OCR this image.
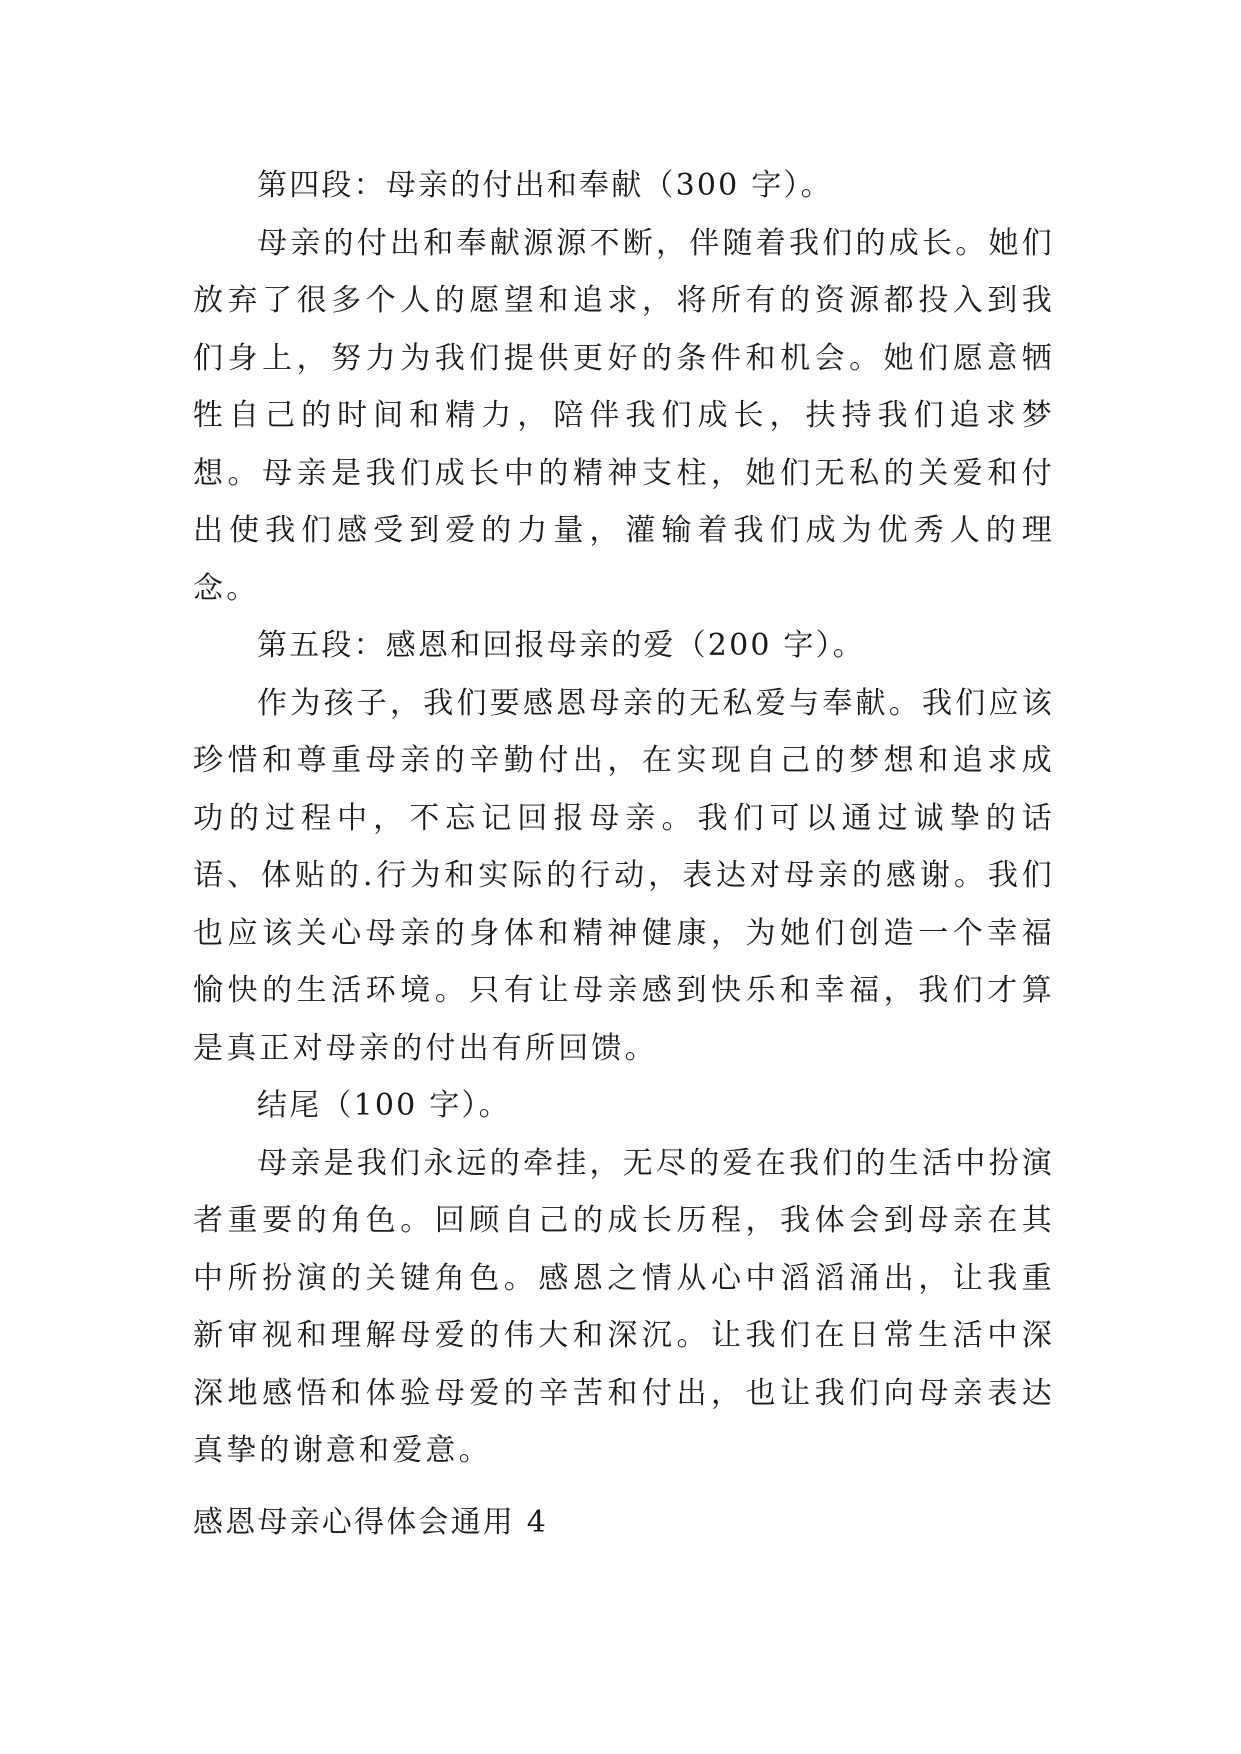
第四段：母亲的付出和奉献（300 字）。

母亲的付出和奉献源源不断，伴随着我们的成长。她们放弃了很多个人的愿望和追求，将所有的资源都投入到我们身上，努力为我们提供更好的条件和机会。她们愿意牺牲自己的时间和精力，陪伴我们成长，扶持我们追求梦想。母亲是我们成长中的精神支柱，她们无私的关爱和付出使我们感受到爱的力量，灌输着我们成为优秀人的理念。

第五段：感恩和回报母亲的爱（200 字）。

作为孩子，我们要感恩母亲的无私爱与奉献。我们应该珍惜和尊重母亲的辛勤付出，在实现自己的梦想和追求成功的过程中，不忘记回报母亲。我们可以通过诚挚的话语、体贴的.行为和实际的行动，表达对母亲的感谢。我们也应该关心母亲的身体和精神健康，为她们创造一个幸福愉快的生活环境。只有让母亲感到快乐和幸福，我们才算是真正对母亲的付出有所回馈。

结尾（100 字）。

母亲是我们永远的牵挂，无尽的爱在我们的生活中扮演者重要的角色。回顾自己的成长历程，我体会到母亲在其中所扮演的关键角色。感恩之情从心中滔滔涌出，让我重新审视和理解母爱的伟大和深沉。让我们在日常生活中深深地感悟和体验母爱的辛苦和付出，也让我们向母亲表达真挚的谢意和爱意。

感恩母亲心得体会通用 4
